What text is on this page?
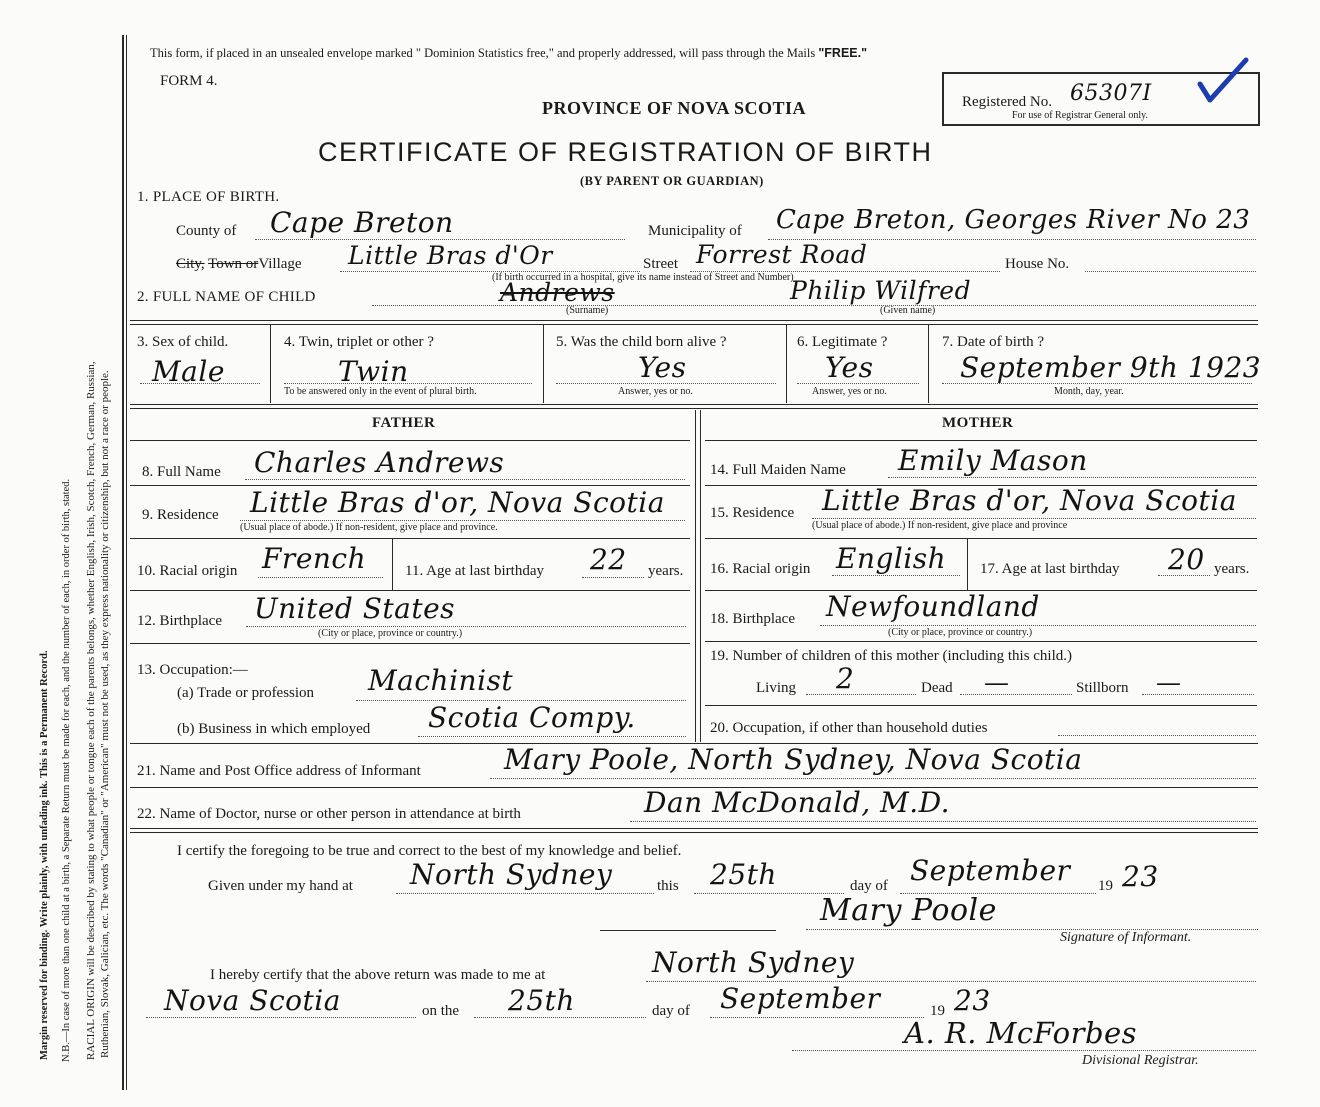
Margin reserved for binding. Write plainly, with unfading ink. This is a Permanent Record. N.B.—In case of more than one child at a birth, a Separate Return must be made for each, and the number of each, in order of birth, stated. RACIAL ORIGIN will be described by stating to what people or tongue each of the parents belongs, whether English, Irish, Scotch, French, German, Russian, Ruthenian, Slovak, Galician, etc. The words "Canadian" or "American" must not be used, as they express nationality or citizenship, but not a race or people.
This form, if placed in an unsealed envelope marked " Dominion Statistics free," and properly addressed, will pass through the Mails "FREE."
FORM 4.
PROVINCE OF NOVA SCOTIA	Registered No. 65307I
For use of Registrar General only.
CERTIFICATE OF REGISTRATION OF BIRTH
(BY PARENT OR GUARDIAN)
1. PLACE OF BIRTH.
County of Cape Breton	Municipality of Cape Breton, Georges River No 23
City, Town orVillage Little Bras d'Or	Street Forrest Road	House No.
(If birth occurred in a hospital, give its name instead of Street and Number)
2. FULL NAME OF CHILD	Andrews	Philip Wilfred
(Surname)	(Given name)
3. Sex of child.
Male
4. Twin, triplet or other ?
Twin
To be answered only in the event of plural birth.
5. Was the child born alive ?
Yes
Answer, yes or no.
6. Legitimate ?
Yes
Answer, yes or no.
7. Date of birth ?
September 9th 1923
Month, day, year.
FATHER	MOTHER
8. Full Name Charles Andrews
9. Residence Little Bras d'or, Nova Scotia
(Usual place of abode.) If non-resident, give place and province.
10. Racial origin French	11. Age at last birthday 22 years.
12. Birthplace United States
(City or place, province or country.)
13. Occupation:—
(a) Trade or profession Machinist
(b) Business in which employed Scotia Compy.
14. Full Maiden Name Emily Mason
15. Residence Little Bras d'or, Nova Scotia
(Usual place of abode.) If non-resident, give place and province
16. Racial origin English 17. Age at last birthday 20 years.
18. Birthplace Newfoundland
(City or place, province or country.)
19. Number of children of this mother (including this child.)
Living 2	Dead —	Stillborn —
20. Occupation, if other than household duties
21. Name and Post Office address of Informant	Mary Poole, North Sydney, Nova Scotia
22. Name of Doctor, nurse or other person in attendance at birth	Dan McDonald, M.D.
I certify the foregoing to be true and correct to the best of my knowledge and belief.
Given under my hand at North Sydney	this 25th	day of September 19 23
Mary Poole
Signature of Informant.
I hereby certify that the above return was made to me at	North Sydney
Nova Scotia	on the 25th	day of September	19 23
A. R. McForbes
Divisional Registrar.
